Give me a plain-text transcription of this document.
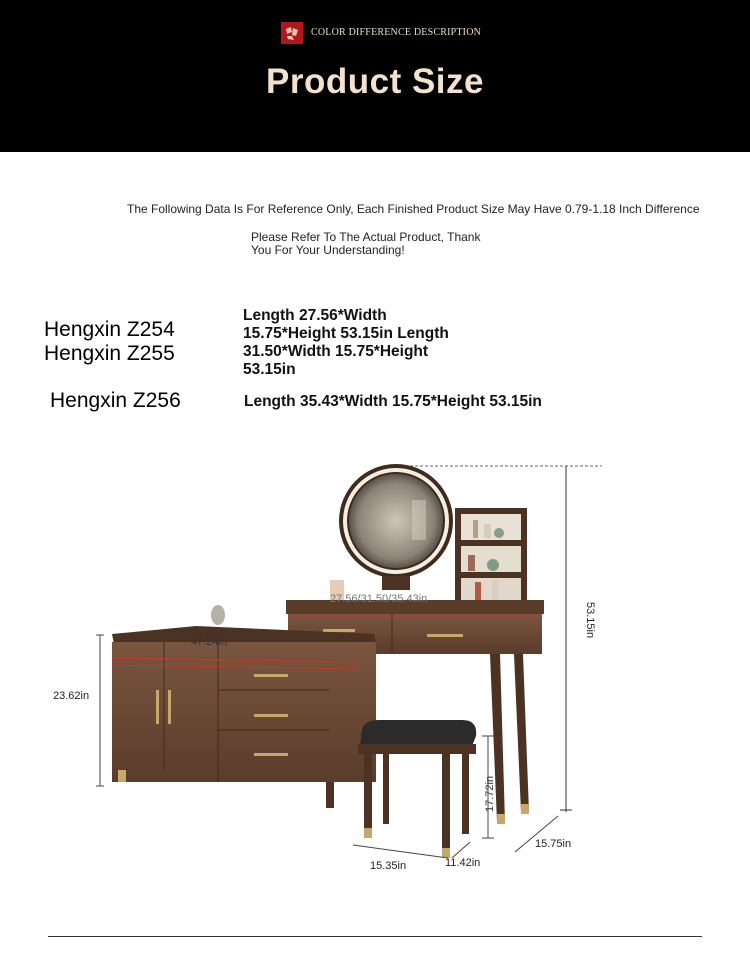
COLOR DIFFERENCE DESCRIPTION
Product Size
The Following Data Is For Reference Only, Each Finished Product Size May Have 0.79-1.18 Inch Difference
Please Refer To The Actual Product, Thank
You For Your Understanding!
Hengxin Z254
Hengxin Z255
Length 27.56*Width
15.75*Height 53.15in Length
31.50*Width 15.75*Height
53.15in
Hengxin Z256	Length 35.43*Width 15.75*Height 53.15in
47.24in
23.62in
27.56/31.50/35.43in
53.15in
15.75in
15.35in	11.42in
17.72in
